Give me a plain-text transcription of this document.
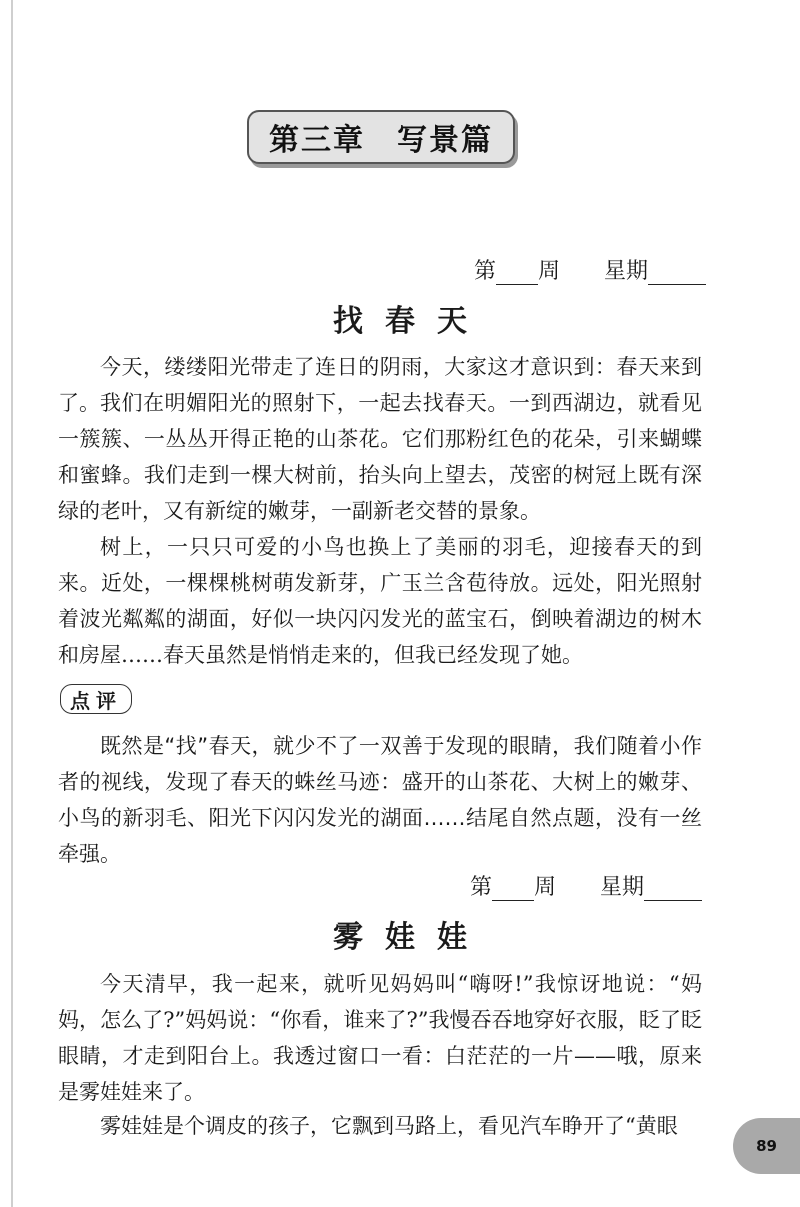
第三章　写景篇
第 周 星期
找春天
今天，缕缕阳光带走了连日的阴雨，大家这才意识到：春天来到了。 我们在明媚阳光的照射下，一起去找春天。一到西湖边，就看见一簇簇、一丛丛开得正艳的山茶花。它们那粉红色的花朵，引来蝴蝶和蜜蜂。我们走到一棵大树前，抬头向上望去，茂密的树冠上既有深绿的老叶，又有新绽的嫩芽，一副新老交替的景象。
树上，一只只可爱的小鸟也换上了美丽的羽毛，迎接春天的到来。近处，一棵棵桃树萌发新芽，广玉兰含苞待放。远处，阳光照射着波光粼粼的湖面，好似一块闪闪发光的蓝宝石，倒映着湖边的树木和房屋……春天虽然是悄悄走来的，但我已经发现了她。
点评
既然是“找”春天，就少不了一双善于发现的眼睛，我们随着小作者的视线，发现了春天的蛛丝马迹：盛开的山茶花、大树上的嫩芽、小鸟的新羽毛、阳光下闪闪发光的湖面……结尾自然点题，没有一丝牵强。
第 周 星期
雾娃娃
今天清早，我一起来，就听见妈妈叫“嗨呀!”我惊讶地说：“妈妈，怎么了?”妈妈说：“你看，谁来了?”我慢吞吞地穿好衣服，眨了眨眼睛，才走到阳台上。我透过窗口一看：白茫茫的一片——哦，原来是雾娃娃来了。
雾娃娃是个调皮的孩子，它飘到马路上，看见汽车睁开了“黄眼
89
